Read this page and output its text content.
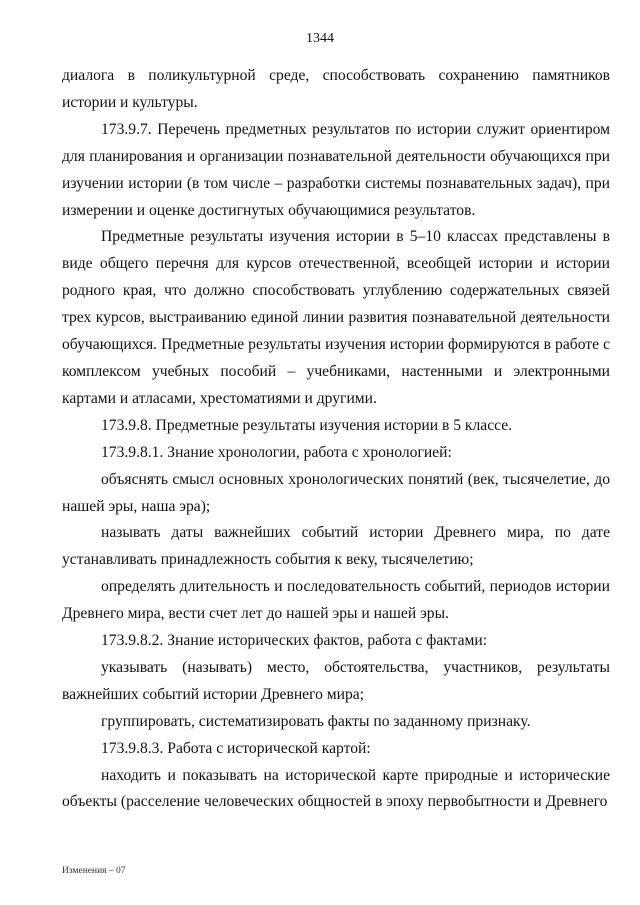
1344

диалога в поликультурной среде, способствовать сохранению памятников истории и культуры.

173.9.7. Перечень предметных результатов по истории служит ориентиром для планирования и организации познавательной деятельности обучающихся при изучении истории (в том числе – разработки системы познавательных задач), при измерении и оценке достигнутых обучающимися результатов.

Предметные результаты изучения истории в 5–10 классах представлены в виде общего перечня для курсов отечественной, всеобщей истории и истории родного края, что должно способствовать углублению содержательных связей трех курсов, выстраиванию единой линии развития познавательной деятельности обучающихся. Предметные результаты изучения истории формируются в работе с комплексом учебных пособий – учебниками, настенными и электронными картами и атласами, хрестоматиями и другими.

173.9.8. Предметные результаты изучения истории в 5 классе.

173.9.8.1. Знание хронологии, работа с хронологией:

объяснять смысл основных хронологических понятий (век, тысячелетие, до нашей эры, наша эра);

называть даты важнейших событий истории Древнего мира, по дате устанавливать принадлежность события к веку, тысячелетию;

определять длительность и последовательность событий, периодов истории Древнего мира, вести счет лет до нашей эры и нашей эры.

173.9.8.2. Знание исторических фактов, работа с фактами:

указывать (называть) место, обстоятельства, участников, результаты важнейших событий истории Древнего мира;

группировать, систематизировать факты по заданному признаку.

173.9.8.3. Работа с исторической картой:

находить и показывать на исторической карте природные и исторические объекты (расселение человеческих общностей в эпоху первобытности и Древнего

Изменения – 07
